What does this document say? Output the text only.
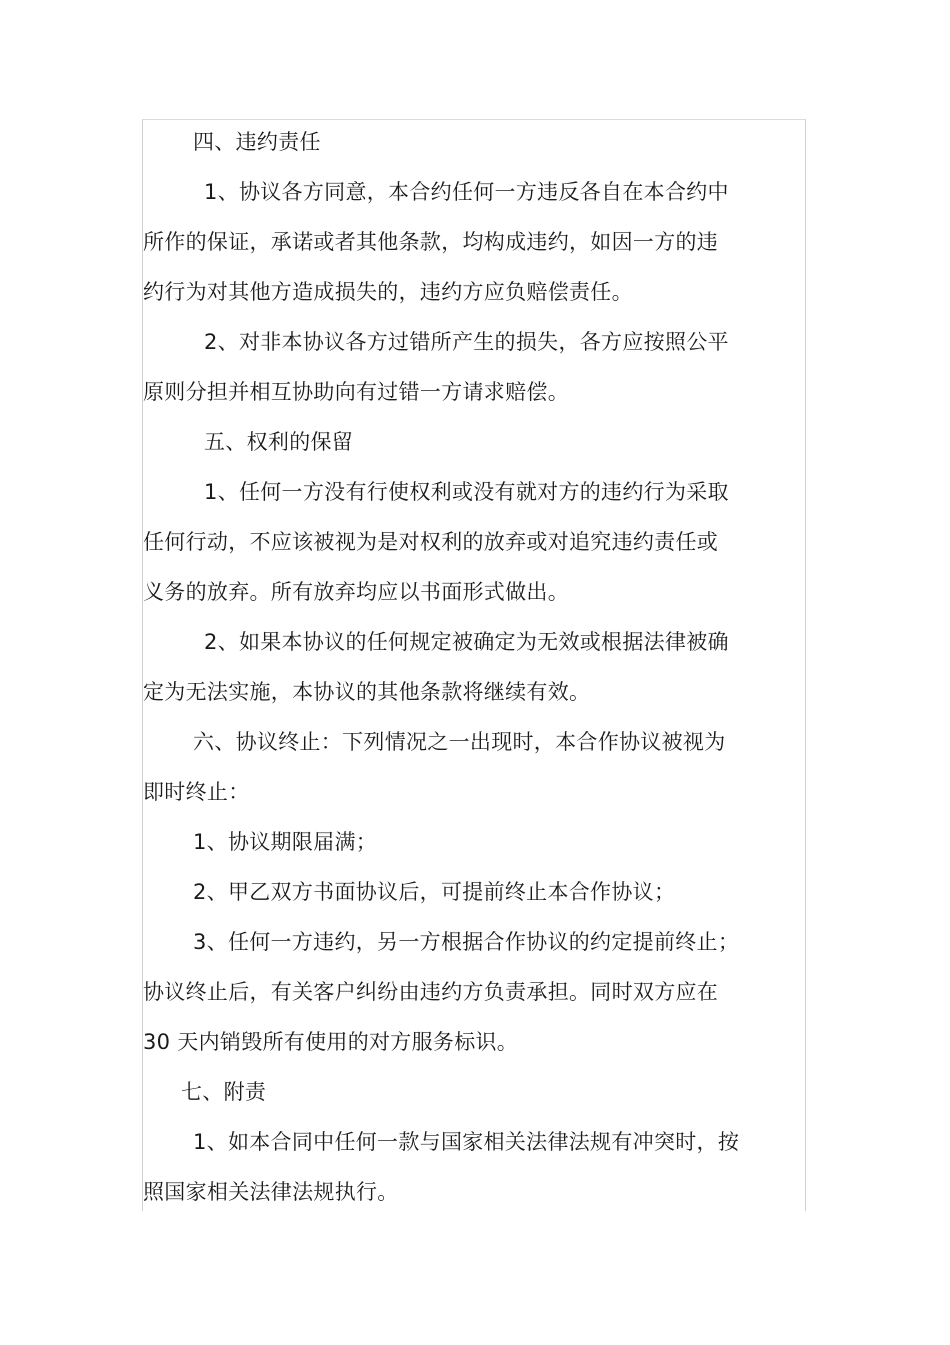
四、违约责任
1、协议各方同意，本合约任何一方违反各自在本合约中
所作的保证，承诺或者其他条款，均构成违约，如因一方的违
约行为对其他方造成损失的，违约方应负赔偿责任。
2、对非本协议各方过错所产生的损失，各方应按照公平
原则分担并相互协助向有过错一方请求赔偿。
五、权利的保留
1、任何一方没有行使权利或没有就对方的违约行为采取
任何行动，不应该被视为是对权利的放弃或对追究违约责任或
义务的放弃。所有放弃均应以书面形式做出。
2、如果本协议的任何规定被确定为无效或根据法律被确
定为无法实施，本协议的其他条款将继续有效。
六、协议终止：下列情况之一出现时，本合作协议被视为
即时终止：
1、协议期限届满；
2、甲乙双方书面协议后，可提前终止本合作协议；
3、任何一方违约，另一方根据合作协议的约定提前终止；
协议终止后，有关客户纠纷由违约方负责承担。同时双方应在
30 天内销毁所有使用的对方服务标识。
七、附责
1、如本合同中任何一款与国家相关法律法规有冲突时，按
照国家相关法律法规执行。
